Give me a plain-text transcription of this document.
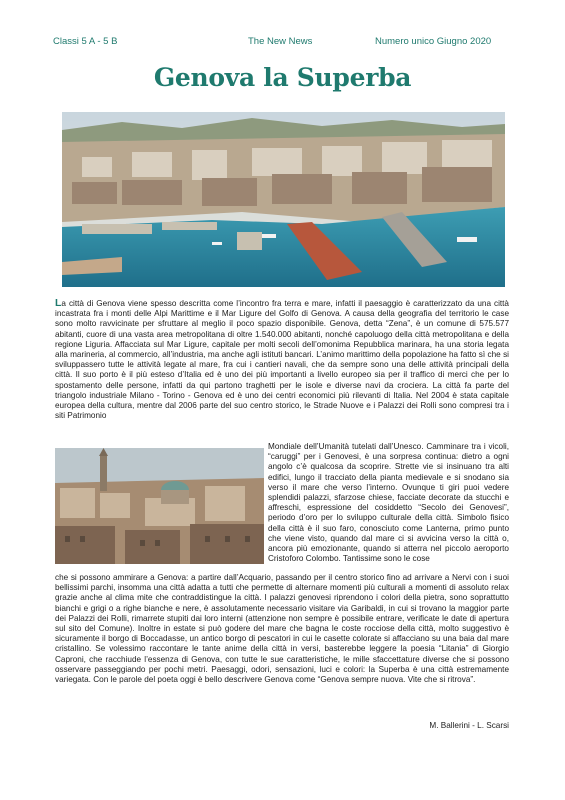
Classi 5 A - 5 B	The New News	Numero unico Giugno 2020
Genova la Superba

La città di Genova viene spesso descritta come l’incontro fra terra e mare, infatti il paesaggio è caratterizzato da una città incastrata fra i monti delle Alpi Marittime e il Mar Ligure del Golfo di Genova. A causa della geografia del territorio le case sono molto ravvicinate per sfruttare al meglio il poco spazio disponibile. Genova, detta “Zena”, è un comune di 575.577 abitanti, cuore di una vasta area metropolitana di oltre 1.540.000 abitanti, nonché capoluogo della città metropolitana e della regione Liguria. Affacciata sul Mar Ligure, capitale per molti secoli dell’omonima Repubblica marinara, ha una storia legata alla marineria, al commercio, all’industria, ma anche agli istituti bancari. L’animo marittimo della popolazione ha fatto sì che si sviluppassero tutte le attività legate al mare, fra cui i cantieri navali, che da sempre sono una delle attività principali della città. Il suo porto è il più esteso d’Italia ed è uno dei più importanti a livello europeo sia per il traffico di merci che per lo spostamento delle persone, infatti da qui partono traghetti per le isole e diverse navi da crociera. La città fa parte del triangolo industriale Milano - Torino - Genova ed è uno dei centri economici più rilevanti di Italia. Nel 2004 è stata capitale europea della cultura, mentre dal 2006 parte del suo centro storico, le Strade Nuove e i Palazzi dei Rolli sono compresi tra i siti Patrimonio

Mondiale dell’Umanità tutelati dall’Unesco. Camminare tra i vicoli, “caruggi” per i Genovesi, è una sorpresa continua: dietro a ogni angolo c’è qualcosa da scoprire. Strette vie si insinuano tra alti edifici, lungo il tracciato della pianta medievale e si snodano sia verso il mare che verso l’interno. Ovunque ti giri puoi vedere splendidi palazzi, sfarzose chiese, facciate decorate da stucchi e affreschi, espressione del cosiddetto “Secolo dei Genovesi”, periodo d’oro per lo sviluppo culturale della città. Simbolo fisico della città è il suo faro, conosciuto come Lanterna, primo punto che viene visto, quando dal mare ci si avvicina verso la città o, ancora più emozionante, quando si atterra nel piccolo aeroporto Cristoforo Colombo. Tantissime sono le cose

che si possono ammirare a Genova: a partire dall’Acquario, passando per il centro storico fino ad arrivare a Nervi con i suoi bellissimi parchi, insomma una città adatta a tutti che permette di alternare momenti più culturali a momenti di assoluto relax grazie anche al clima mite che contraddistingue la città. I palazzi genovesi riprendono i colori della pietra, sono soprattutto bianchi e grigi o a righe bianche e nere, è assolutamente necessario visitare via Garibaldi, in cui si trovano la maggior parte dei Palazzi dei Rolli, rimarrete stupiti dai loro interni (attenzione non sempre è possibile entrare, verificate le date di apertura sul sito del Comune). Inoltre in estate si può godere del mare che bagna le coste rocciose della città, molto suggestivo è sicuramente il borgo di Boccadasse, un antico borgo di pescatori in cui le casette colorate si affacciano su una baia dal mare cristallino. Se volessimo raccontare le tante anime della città in versi, basterebbe leggere la poesia “Litania” di Giorgio Caproni, che racchiude l’essenza di Genova, con tutte le sue caratteristiche, le mille sfaccettature diverse che si possono osservare passeggiando per pochi metri. Paesaggi, odori, sensazioni, luci e colori: la Superba è una città estremamente variegata. Con le parole del poeta oggi è bello descrivere Genova come “Genova sempre nuova. Vite che si ritrova”.

M. Ballerini - L. Scarsi
